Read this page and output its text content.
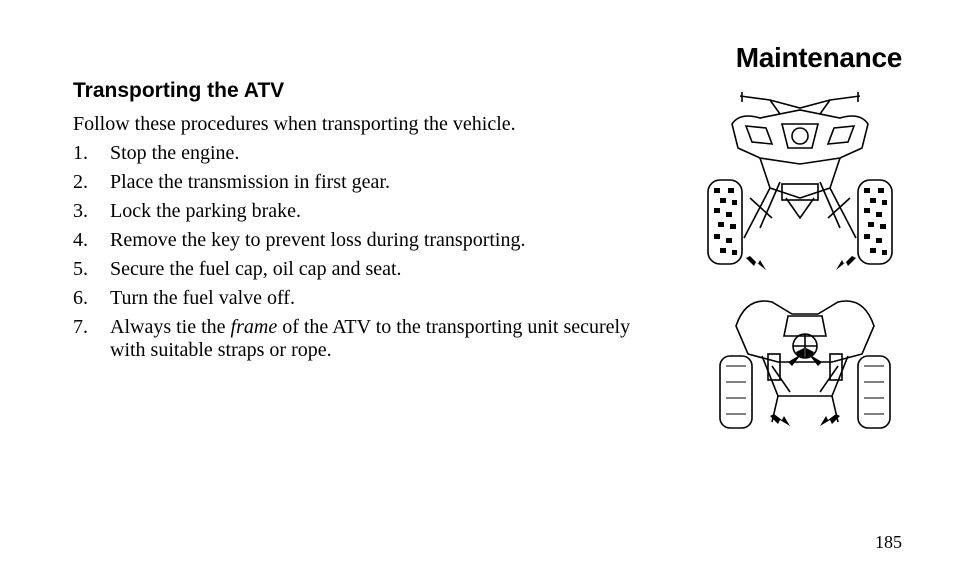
Maintenance
Transporting the ATV
Follow these procedures when transporting the vehicle.
1. Stop the engine.
2. Place the transmission in first gear.
3. Lock the parking brake.
4. Remove the key to prevent loss during transporting.
5. Secure the fuel cap, oil cap and seat.
6. Turn the fuel valve off.
7. Always tie the frame of the ATV to the transporting unit securely with suitable straps or rope.
185
